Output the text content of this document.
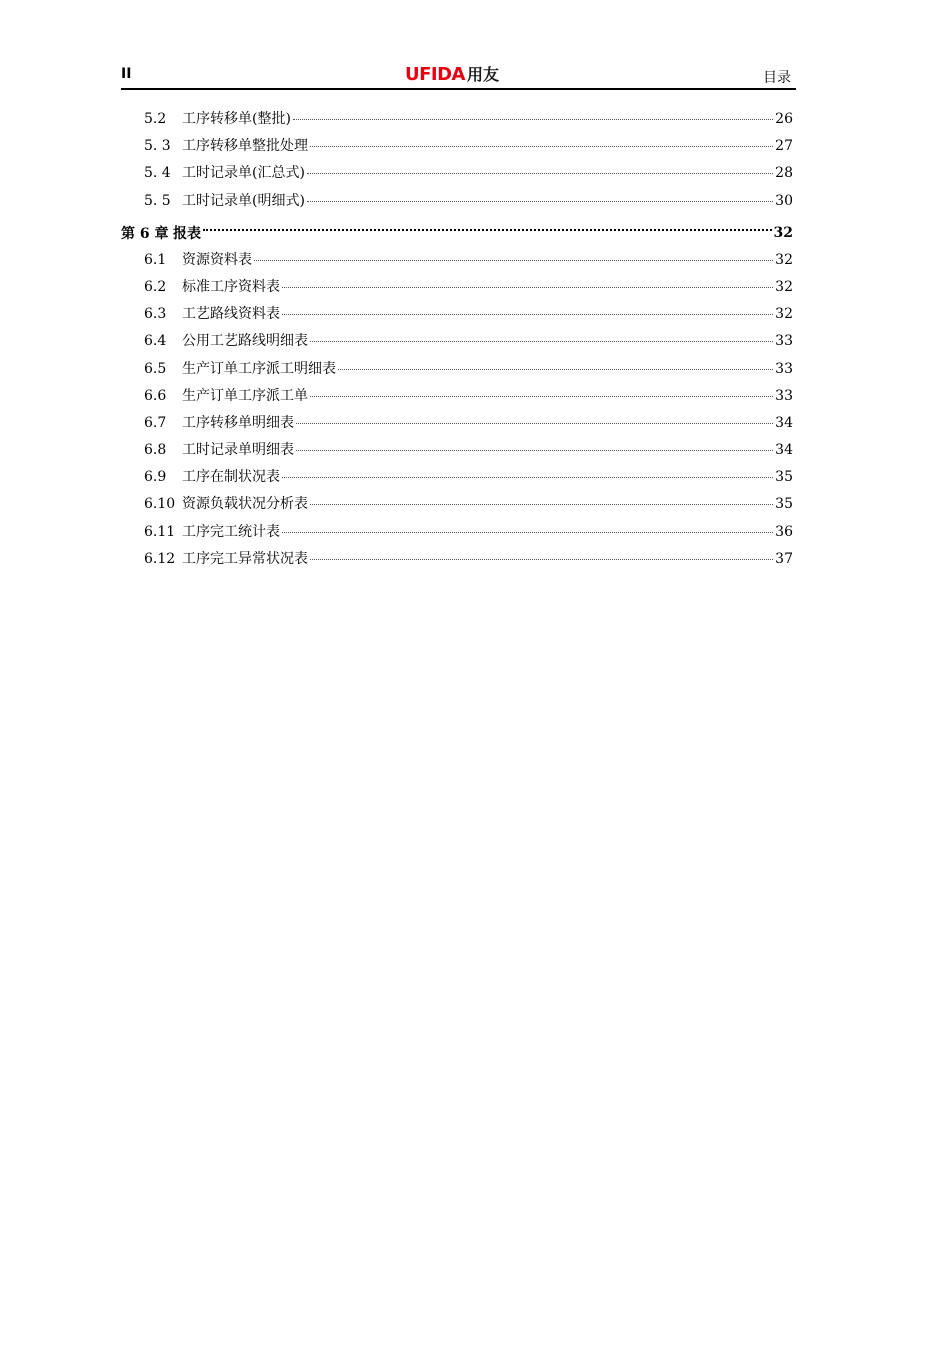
II	UFIDA 用友	目录
5.2	工序转移单(整批)	26
5. 3 工序转移单整批处理	27
5. 4 工时记录单(汇总式)	28
5. 5 工时记录单(明细式)	30
第 6 章 报表	32
6.1	资源资料表	32
6.2	标准工序资料表	32
6.3	工艺路线资料表	32
6.4	公用工艺路线明细表	33
6.5	生产订单工序派工明细表	33
6.6	生产订单工序派工单	33
6.7	工序转移单明细表	34
6.8	工时记录单明细表	34
6.9	工序在制状况表	35
6.10 资源负载状况分析表	35
6.11 工序完工统计表	36
6.12 工序完工异常状况表	37
